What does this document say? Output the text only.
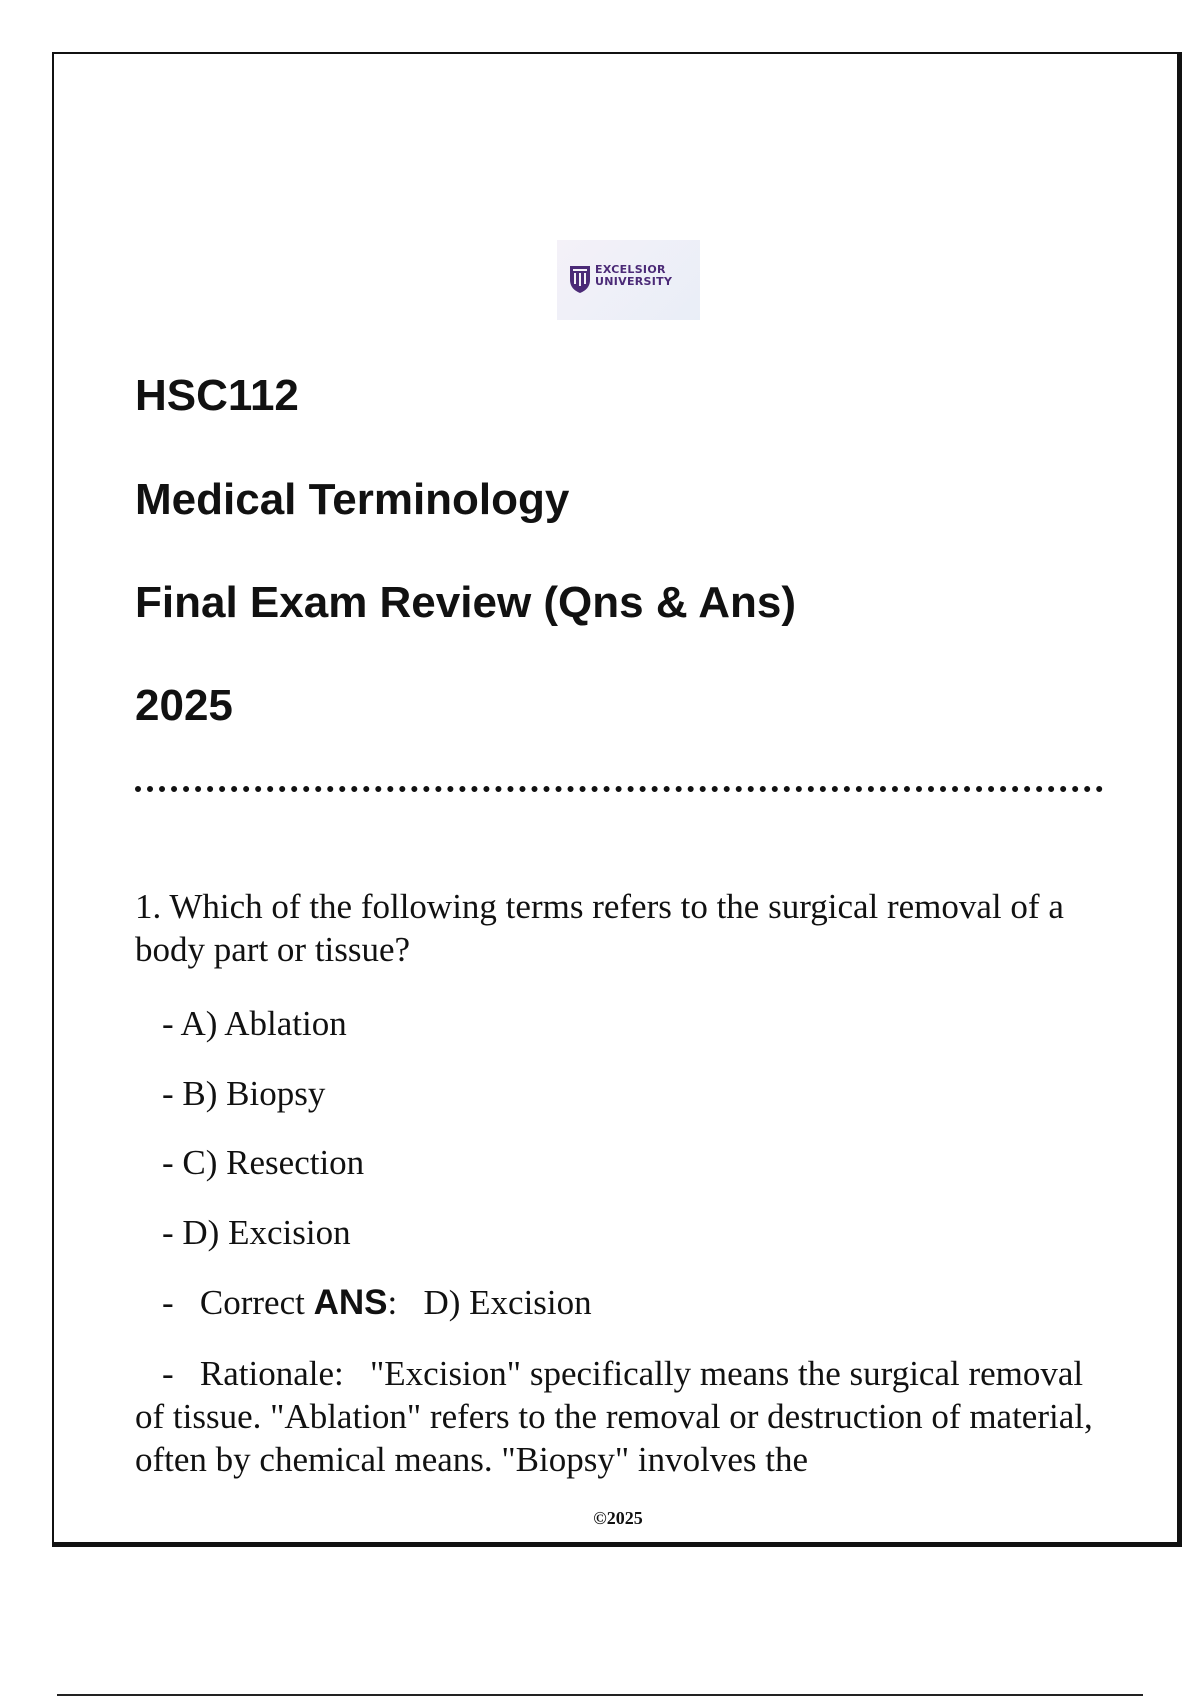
EXCELSIOR
UNIVERSITY
HSC112
Medical Terminology
Final Exam Review (Qns & Ans)
2025

1. Which of the following terms refers to the surgical removal of a body part or tissue?

- A) Ablation
- B) Biopsy
- C) Resection
- D) Excision
-   Correct ANS:   D) Excision

-   Rationale:   "Excision" specifically means the surgical removal of tissue. "Ablation" refers to the removal or destruction of material, often by chemical means. "Biopsy" involves the

©2025
